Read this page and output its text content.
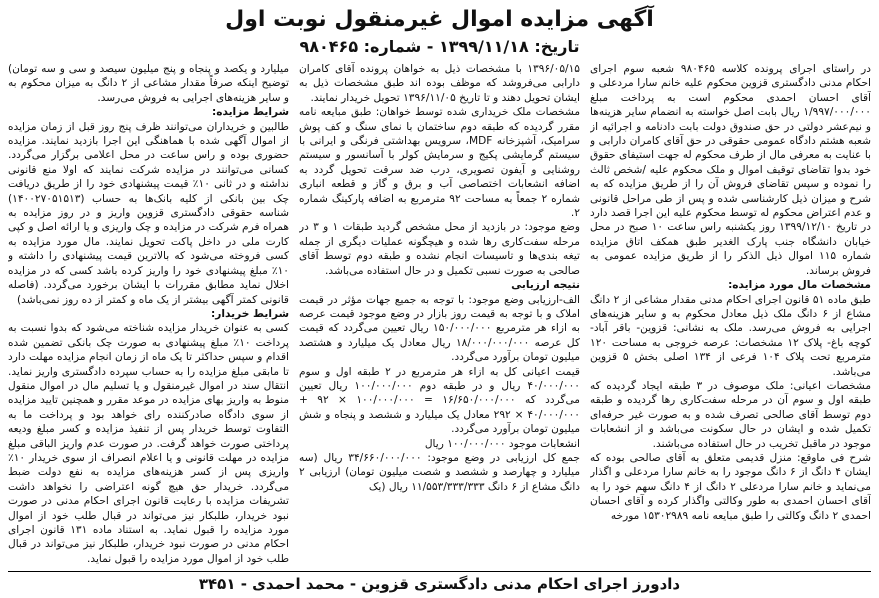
آگهی مزایده اموال غیرمنقول نوبت اول
تاریخ: ۱۳۹۹/۱۱/۱۸ - شماره: ۹۸۰۴۶۵

در راستای اجرای پرونده کلاسه ۹۸۰۴۶۵ شعبه سوم اجرای احکام مدنی دادگستری قزوین محکوم علیه خانم سارا مردعلی و آقای احسان احمدی محکوم است به پرداخت مبلغ ۱/۹۹۷/۰۰۰/۰۰۰ ریال بابت اصل خواسته به انضمام سایر هزینه‌ها و نیم‌عشر دولتی در حق صندوق دولت بابت دادنامه و اجرائیه از شعبه هشتم دادگاه عمومی حقوقی در حق آقای کامران دارابی و با عنایت به معرفی مال از طرف محکوم له جهت استیفای حقوق خود بدوا تقاضای توقیف اموال و ملک محکوم علیه /شخص ثالث را نموده و سپس تقاضای فروش آن را از طریق مزایده که به شرح و میزان ذیل کارشناسی شده و پس از طی مراحل قانونی و عدم اعتراض محکوم له توسط محکوم علیه این اجرا قصد دارد در تاریخ ۱۳۹۹/۱۲/۱۰ روز یکشنبه راس ساعت ۱۰ صبح در محل خیابان دانشگاه جنب پارک الغدیر طبق همکف اتاق مزایده شماره ۱۱۵ اموال ذیل الذکر را از طریق مزایده عمومی به فروش برساند.

مشخصات مال مورد مزایده:

طبق ماده ۵۱ قانون اجرای احکام مدنی مقدار مشاعی از ۲ دانگ مشاع از ۶ دانگ ملک ذیل معادل محکوم به و سایر هزینه‌های اجرایی به فروش می‌رسد. ملک به نشانی: قزوین- باقر آباد- کوچه باغ- پلاک ۱۲ مشخصات: عرصه خروجی به مساحت ۱۲۰ مترمربع تحت پلاک ۱۰۴ فرعی از ۱۳۴ اصلی بخش ۵ قزوین می‌باشد.

مشخصات اعیانی: ملک موصوف در ۳ طبقه ایجاد گردیده که طبقه اول و سوم آن در مرحله سفت‌کاری رها گردیده و طبقه دوم توسط آقای صالحی تصرف شده و به صورت غیر حرفه‌ای تکمیل شده و ایشان در حال سکونت می‌باشد و از انشعابات موجود در ماقبل تخریب در حال استفاده می‌باشند.

شرح فی ماوقع: منزل قدیمی متعلق به آقای صالحی بوده که ایشان ۴ دانگ از ۶ دانگ موجود را به خانم سارا مردعلی و اگذار می‌نماید و خانم سارا مردعلی ۲ دانگ از ۴ دانگ سهم خود را به آقای احسان احمدی به طور وکالتی واگذار کرده و آقای احسان احمدی ۲ دانگ وکالتی را طبق مبایعه نامه ۱۵۳۰۲۹۸۹ مورخه

۱۳۹۶/۰۵/۱۵ با مشخصات ذیل به خواهان پرونده آقای کامران دارابی می‌فروشد که موظف بوده اند طبق مشخصات ذیل به ایشان تحویل دهند و تا تاریخ ۱۳۹۶/۱۱/۰۵ تحویل خریدار نمایند.

مشخصات ملک خریداری شده توسط خواهان: طبق مبایعه نامه مقرر گردیده که طبقه دوم ساختمان با نمای سنگ و کف پوش سرامیک، آشپزخانه MDF، سرویس بهداشتی فرنگی و ایرانی با سیستم گرمایشی پکیج و سرمایش کولر با آسانسور و سیستم روشنایی و آیفون تصویری، درب ضد سرقت تحویل گردد به اضافه انشعابات اختصاصی آب و برق و گاز و قطعه انباری شماره ۲ جمعاً به مساحت ۹۲ مترمربع به اضافه پارکینگ شماره ۲.

وضع موجود: در بازدید از محل مشخص گردید طبقات ۱ و ۳ در مرحله سفت‌کاری رها شده و هیچگونه عملیات دیگری از جمله تیغه بندی‌ها و تاسیسات انجام نشده و طبقه دوم توسط آقای صالحی به صورت نسبی تکمیل و در حال استفاده می‌باشد.

نتیجه ارزیابی

الف-ارزیابی وضع موجود: با توجه به جمیع جهات مؤثر در قیمت املاک و با توجه به قیمت روز بازار در وضع موجود قیمت عرصه به ازاء هر مترمربع ۱۵۰/۰۰۰/۰۰۰ ریال تعیین می‌گردد که قیمت کل عرصه ۱۸/۰۰۰/۰۰۰/۰۰۰ ریال معادل یک میلیارد و هشتصد میلیون تومان برآورد می‌گردد.

قیمت اعیانی کل به ازاء هر مترمربع در ۲ طبقه اول و سوم ۴۰/۰۰۰/۰۰۰ ریال و در طبقه دوم ۱۰۰/۰۰۰/۰۰۰ ریال تعیین می‌گردد که ۱۶/۶۵۰/۰۰۰/۰۰۰ = ۱۰۰/۰۰۰/۰۰۰ × ۹۲ + ۴۰/۰۰۰/۰۰۰ × ۲۹۲ معادل یک میلیارد و ششصد و پنجاه و شش میلیون تومان برآورد می‌گردد.

انشعابات موجود ۱۰۰/۰۰۰/۰۰۰ ریال

جمع کل ارزیابی در وضع موجود: ۳۴/۶۶۰/۰۰۰/۰۰۰ ریال (سه میلیارد و چهارصد و ششصد و شصت میلیون تومان) ارزیابی ۲ دانگ مشاع از ۶ دانگ ۱۱/۵۵۳/۳۳۳/۳۳۳ ریال (یک

میلیارد و یکصد و پنجاه و پنج میلیون سیصد و سی و سه تومان) توضیح اینکه صرفاً مقدار مشاعی از ۲ دانگ به میزان محکوم به و سایر هزینه‌های اجرایی به فروش می‌رسد.

شرایط مزایده:

طالبین و خریداران می‌توانند ظرف پنج روز قبل از زمان مزایده از اموال آگهی شده با هماهنگی این اجرا بازدید نمایند. مزایده حضوری بوده و راس ساعت در محل اعلامی برگزار می‌گردد. کسانی می‌توانند در مزایده شرکت نمایند که اولا منع قانونی نداشته و در ثانی ۱۰٪ قیمت پیشنهادی خود را از طریق دریافت چک بین بانکی از کلیه بانک‌ها به حساب (۱۴۰۰۲۷۰۵۱۵۱۳) شناسه حقوقی دادگستری قزوین واریز و در روز مزایده به همراه فرم شرکت در مزایده و چک واریزی و یا ارائه اصل و کپی کارت ملی در داخل پاکت تحویل نمایند. مال مورد مزایده به کسی فروخته می‌شود که بالاترین قیمت پیشنهادی را داشته و ۱۰٪ مبلغ پیشنهادی خود را واریز کرده باشد کسی که در مزایده اخلال نماید مطابق مقررات با ایشان برخورد می‌گردد. (فاصله قانونی کمتر آگهی بیشتر از یک ماه و کمتر از ده روز نمی‌باشد)

شرایط خریدار:

کسی به عنوان خریدار مزایده شناخته می‌شود که بدوا نسبت به پرداخت ۱۰٪ مبلغ پیشنهادی به صورت چک بانکی تضمین شده اقدام و سپس حداکثر تا یک ماه از زمان انجام مزایده مهلت دارد تا مابقی مبلغ مزایده را به حساب سپرده دادگستری واریز نماید. انتقال سند در اموال غیرمنقول و یا تسلیم مال در اموال منقول منوط به واریز بهای مزایده در موعد مقرر و همچنین تایید مزایده از سوی دادگاه صادرکننده رای خواهد بود و پرداخت ما به التفاوت توسط خریدار پس از تنفیذ مزایده و کسر مبلغ ودیعه پرداختی صورت خواهد گرفت. در صورت عدم واریز الباقی مبلغ مزایده در مهلت قانونی و یا اعلام انصراف از سوی خریدار ۱۰٪ واریزی پس از کسر هزینه‌های مزایده به نفع دولت ضبط می‌گردد. خریدار حق هیچ گونه اعتراضی را نخواهد داشت تشریفات مزایده با رعایت قانون اجرای احکام مدنی در صورت نبود خریدار، طلبکار نیز می‌تواند در قبال طلب خود از اموال مورد مزایده را قبول نماید. به استناد ماده ۱۳۱ قانون اجرای احکام مدنی در صورت نبود خریدار، طلبکار نیز می‌تواند در قبال طلب خود از اموال مورد مزایده را قبول نماید.

دادورز اجرای احکام مدنی دادگستری قزوین - محمد احمدی - ۳۴۵۱
